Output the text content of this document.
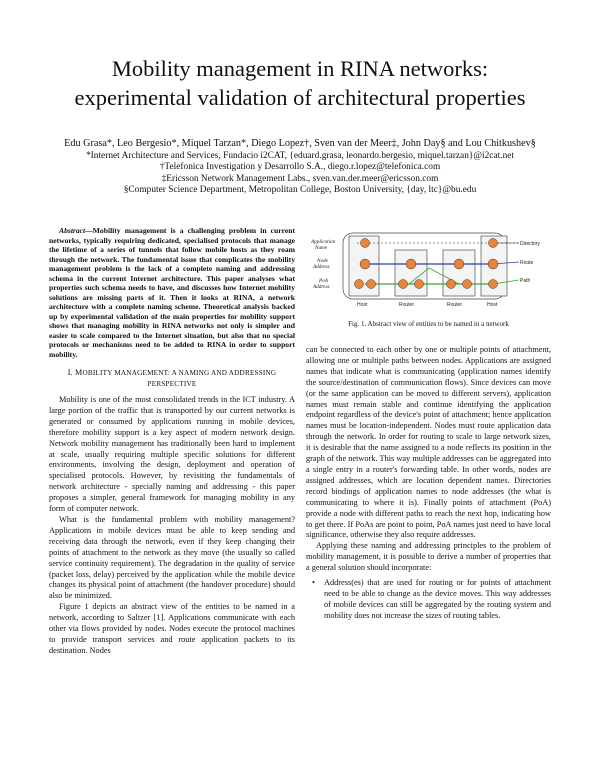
Mobility management in RINA networks:
experimental validation of architectural properties
Edu Grasa*, Leo Bergesio*, Miquel Tarzan*, Diego Lopez†, Sven van der Meer‡, John Day§ and Lou Chitkushev§
*Internet Architecture and Services, Fundacio i2CAT, {eduard.grasa, leonardo.bergesio, miquel.tarzan}@i2cat.net
†Telefonica Investigation y Desarrollo S.A., diego.r.lopez@telefonica.com
‡Ericsson Network Management Labs., sven.van.der.meer@ericsson.com
§Computer Science Department, Metropolitan College, Boston University, {day, ltc}@bu.edu

Abstract—Mobility management is a challenging problem in current networks, typically requiring dedicated, specialised protocols that manage the lifetime of a series of tunnels that follow mobile hosts as they roam through the network. The fundamental issue that complicates the mobility management problem is the lack of a complete naming and addressing schema in the current Internet architecture. This paper analyses what properties such schema needs to have, and discusses how Internet mobility solutions are missing parts of it. Then it looks at RINA, a network architecture with a complete naming scheme. Theoretical analysis backed up by experimental validation of the main properties for mobility support shows that managing mobility in RINA networks not only is simpler and easier to scale compared to the Internet situation, but also that no special protocols or mechanisms need to be added to RINA in order to support mobility.

I. MOBILITY MANAGEMENT: A NAMING AND ADDRESSING
PERSPECTIVE

Mobility is one of the most consolidated trends in the ICT industry. A large portion of the traffic that is transported by our current networks is generated or consumed by applications running in mobile devices, therefore mobility support is a key aspect of modern network design. Network mobility management has traditionally been hard to implement at scale, usually requiring multiple specific solutions for different environments, involving the design, deployment and operation of specialised protocols. However, by revisiting the fundamentals of network architecture - specially naming and addressing - this paper proposes a simpler, general framework for managing mobility in any form of computer network.

What is the fundamental problem with mobility management? Applications in mobile devices must be able to keep sending and receiving data through the network, even if they keep changing their points of attachment to the network as they move (the usually so called service continuity requirement). The degradation in the quality of service (packet loss, delay) perceived by the application while the mobile device changes its physical point of attachment (the handover procedure) should also be minimized.

Figure 1 depicts an abstract view of the entities to be named in a network, according to Saltzer [1]. Applications communicate with each other via flows provided by nodes. Nodes execute the protocol machines to provide transport services and route application packets to its destination. Nodes

Application
Name
Node
Address
PoA
Address
Directory
Route
Path
Host	Router	Router	Host
Fig. 1. Abstract view of entities to be named in a network

can be connected to each other by one or multiple points of attachment, allowing one or multiple paths between nodes. Applications are assigned names that indicate what is communicating (application names identify the source/destination of communication flows). Since devices can move (or the same application can be moved to different servers), application names must remain stable and continue identifying the application endpoint regardless of the device's point of attachment; hence application names must be location-independent. Nodes must route application data through the network. In order for routing to scale to large network sizes, it is desirable that the name assigned to a node reflects its position in the graph of the network. This way multiple addresses can be aggregated into a single entry in a router's forwarding table. In other words, nodes are assigned addresses, which are location dependent names. Directories record bindings of application names to node addresses (the what is communicating to where it is). Finally points of attachment (PoA) provide a node with different paths to reach the next hop, indicating how to get there. If PoAs are point to point, PoA names just need to have local significance, otherwise they also require addresses.

Applying these naming and addressing principles to the problem of mobility management, it is possible to derive a number of properties that a general solution should incorporate:

• Address(es) that are used for routing or for points of attachment need to be able to change as the device moves. This way addresses of mobile devices can still be aggregated by the routing system and mobility does not increase the sizes of routing tables.
